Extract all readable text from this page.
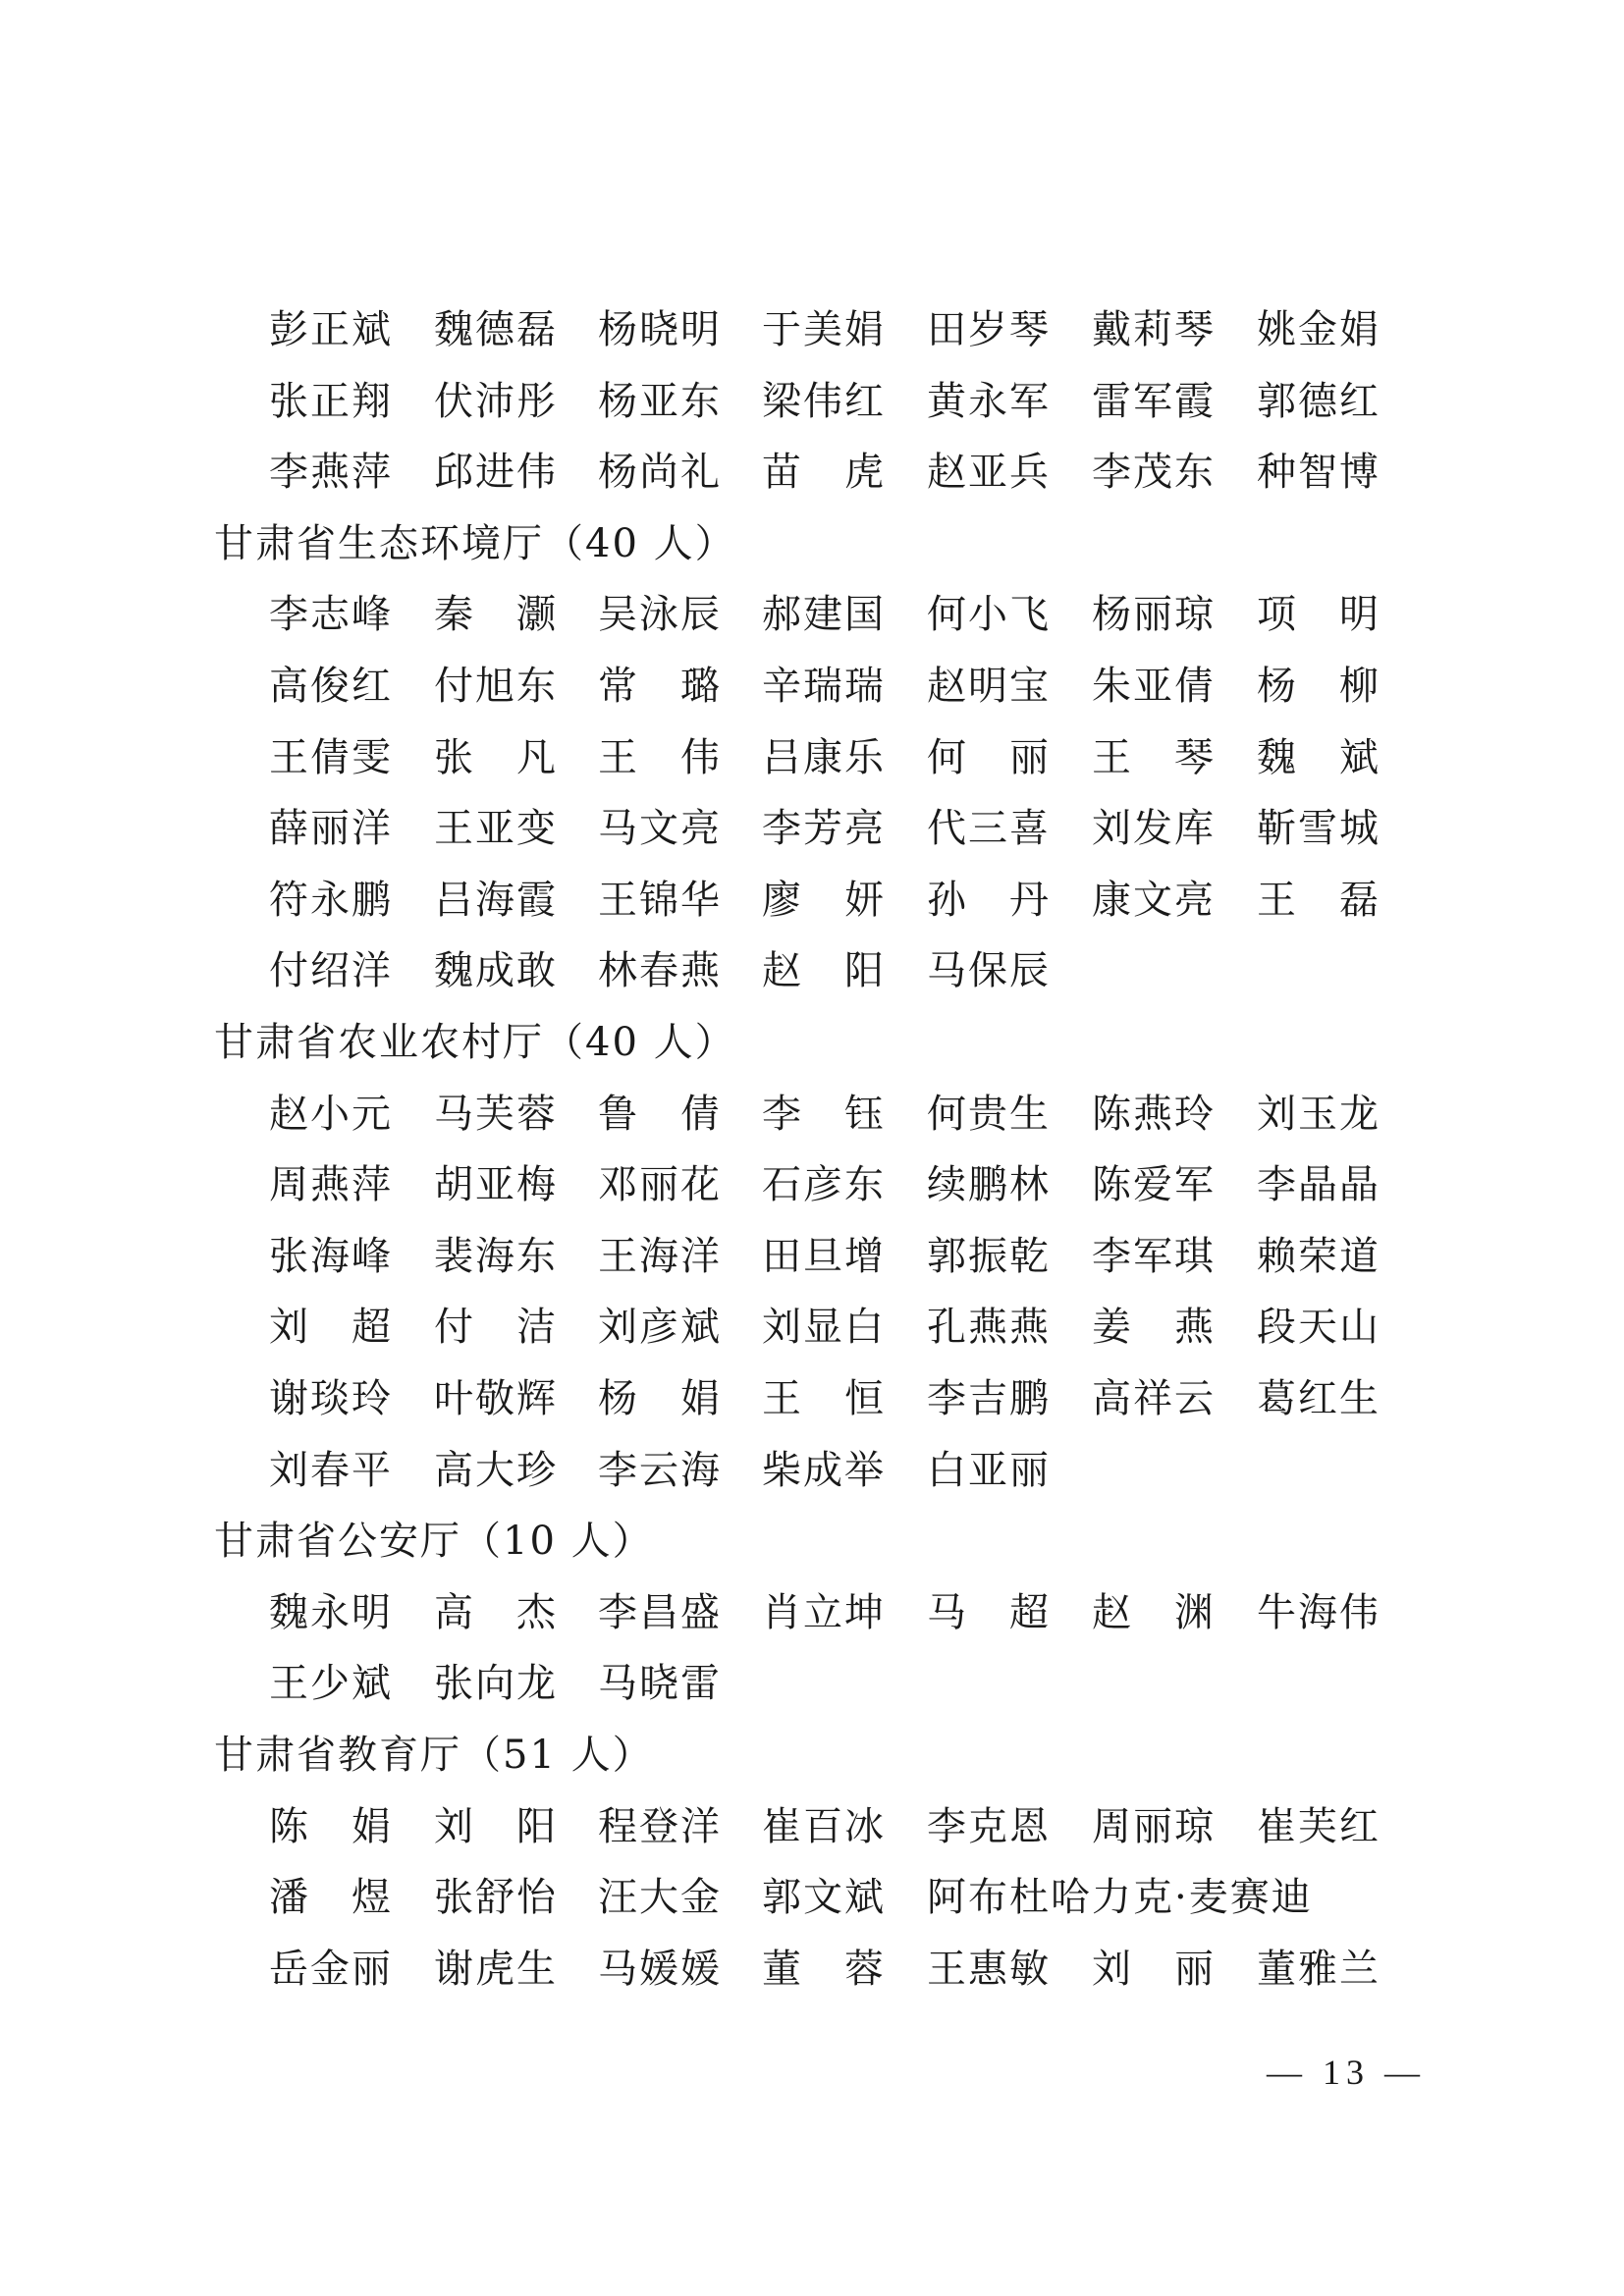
彭正斌 魏德磊 杨晓明 于美娟 田岁琴 戴莉琴 姚金娟
张正翔 伏沛彤 杨亚东 梁伟红 黄永军 雷军霞 郭德红
李燕萍 邱进伟 杨尚礼 苗　虎 赵亚兵 李茂东 种智博
甘肃省生态环境厅（40 人）
李志峰 秦　灏 吴泳辰 郝建国 何小飞 杨丽琼 项　明
高俊红 付旭东 常　璐 辛瑞瑞 赵明宝 朱亚倩 杨　柳
王倩雯 张　凡 王　伟 吕康乐 何　丽 王　琴 魏　斌
薛丽洋 王亚变 马文亮 李芳亮 代三喜 刘发库 靳雪城
符永鹏 吕海霞 王锦华 廖　妍 孙　丹 康文亮 王　磊
付绍洋 魏成敢 林春燕 赵　阳 马保辰
甘肃省农业农村厅（40 人）
赵小元 马芙蓉 鲁　倩 李　钰 何贵生 陈燕玲 刘玉龙
周燕萍 胡亚梅 邓丽花 石彦东 续鹏林 陈爱军 李晶晶
张海峰 裴海东 王海洋 田旦增 郭振乾 李军琪 赖荣道
刘　超 付　洁 刘彦斌 刘显白 孔燕燕 姜　燕 段天山
谢琰玲 叶敬辉 杨　娟 王　恒 李吉鹏 高祥云 葛红生
刘春平 高大珍 李云海 柴成举 白亚丽
甘肃省公安厅（10 人）
魏永明 高　杰 李昌盛 肖立坤 马　超 赵　渊 牛海伟
王少斌 张向龙 马晓雷
甘肃省教育厅（51 人）
陈　娟 刘　阳 程登洋 崔百冰 李克恩 周丽琼 崔芙红
潘　煜 张舒怡 汪大金 郭文斌 阿布杜哈力克·麦赛迪
岳金丽 谢虎生 马媛媛 董　蓉 王惠敏 刘　丽 董雅兰
— 13 —
